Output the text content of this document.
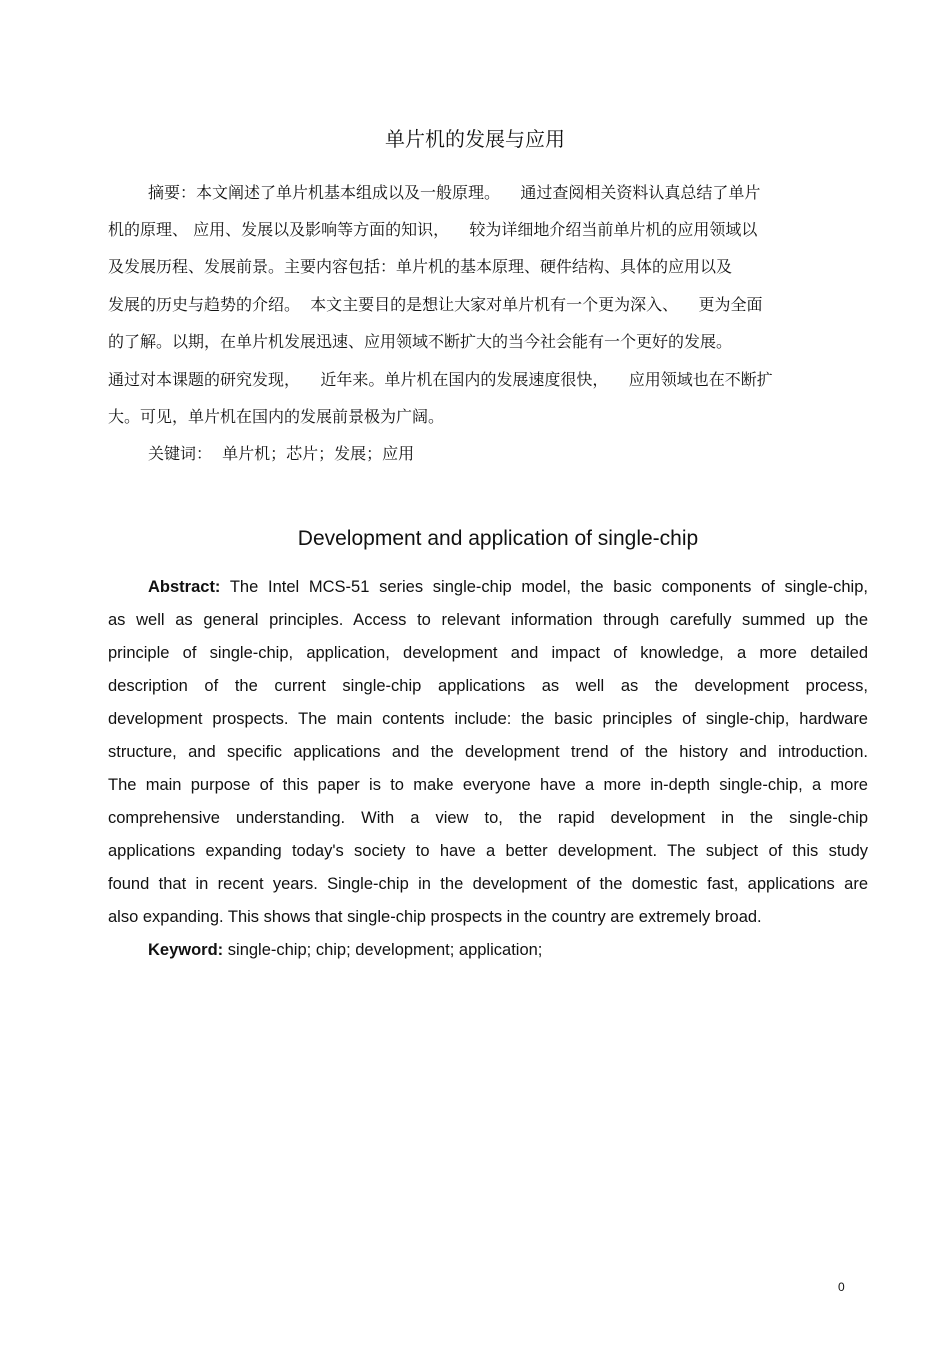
单片机的发展与应用
摘要：本文阐述了单片机基本组成以及一般原理。    通过查阅相关资料认真总结了单片
机的原理、 应用、发展以及影响等方面的知识，    较为详细地介绍当前单片机的应用领域以
及发展历程、发展前景。主要内容包括：单片机的基本原理、硬件结构、具体的应用以及
发展的历史与趋势的介绍。  本文主要目的是想让大家对单片机有一个更为深入、    更为全面
的了解。以期，在单片机发展迅速、应用领域不断扩大的当今社会能有一个更好的发展。
通过对本课题的研究发现，    近年来。单片机在国内的发展速度很快，    应用领域也在不断扩
大。可见，单片机在国内的发展前景极为广阔。
关键词：  单片机；芯片；发展；应用
Development and application of single-chip
Abstract: The Intel MCS-51 series single-chip model, the basic components of single-chip,
as well as general principles. Access to relevant information through carefully summed up the
principle of single-chip, application, development and impact of knowledge, a more detailed
description of the current single-chip applications as well as the development process,
development prospects. The main contents include: the basic principles of single-chip, hardware
structure, and specific applications and the development trend of the history and introduction.
The main purpose of this paper is to make everyone have a more in-depth single-chip, a more
comprehensive understanding. With a view to, the rapid development in the single-chip
applications expanding today's society to have a better development. The subject of this study
found that in recent years. Single-chip in the development of the domestic fast, applications are
also expanding. This shows that single-chip prospects in the country are extremely broad.
Keyword: single-chip; chip; development; application;
0
